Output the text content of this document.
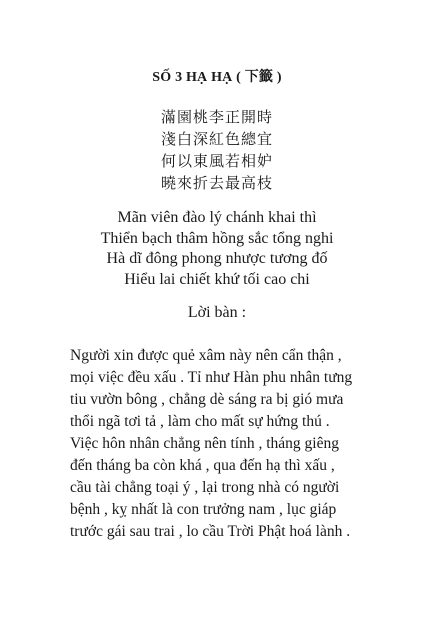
SỐ 3 HẠ HẠ ( 下籤 )
滿園桃李正開時
淺白深紅色總宜
何以東風若相妒
曉來折去最高枝
Mãn viên đào lý chánh khai thì
Thiển bạch thâm hồng sắc tổng nghi
Hà dĩ đông phong nhược tương đố
Hiểu lai chiết khứ tối cao chi
Lời bàn :
Người xin được quẻ xâm này nên cẩn thận ,
mọi việc đều xấu . Tỉ như Hàn phu nhân tưng
tiu vườn bông , chẳng dè sáng ra bị gió mưa
thổi ngã tơi tả , làm cho mất sự hứng thú .
Việc hôn nhân chẳng nên tính , tháng giêng
đến tháng ba còn khá , qua đến hạ thì xấu ,
cầu tài chẳng toại ý , lại trong nhà có người
bệnh , kỵ nhất là con trưởng nam , lục giáp
trước gái sau trai , lo cầu Trời Phật hoá lành .
